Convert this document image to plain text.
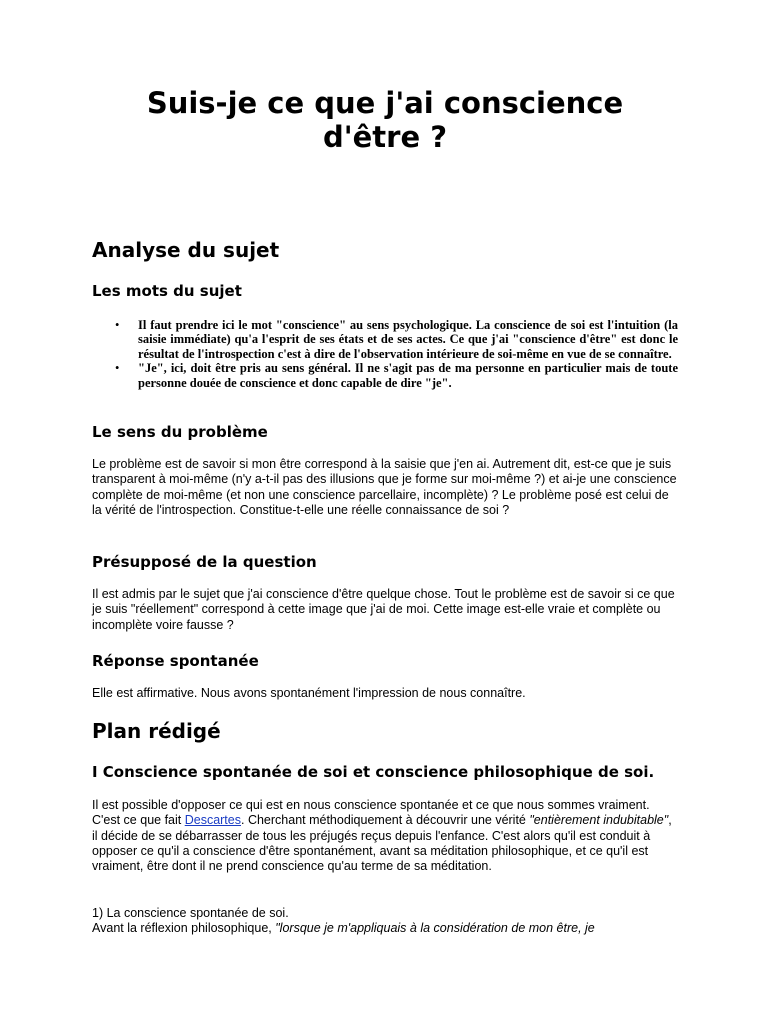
Suis-je ce que j'ai conscience
d'être ?
Analyse du sujet
Les mots du sujet
• Il faut prendre ici le mot "conscience" au sens psychologique. La conscience de soi est l'intuition (la saisie immédiate) qu'a l'esprit de ses états et de ses actes. Ce que j'ai "conscience d'être" est donc le résultat de l'introspection c'est à dire de l'observation intérieure de soi-même en vue de se connaître.
• "Je", ici, doit être pris au sens général. Il ne s'agit pas de ma personne en particulier mais de toute personne douée de conscience et donc capable de dire "je".
Le sens du problème

Le problème est de savoir si mon être correspond à la saisie que j'en ai. Autrement dit, est-ce que je suis transparent à moi-même (n'y a-t-il pas des illusions que je forme sur moi-même ?) et ai-je une conscience complète de moi-même (et non une conscience parcellaire, incomplète) ? Le problème posé est celui de la vérité de l'introspection. Constitue-t-elle une réelle connaissance de soi ?

Présupposé de la question

Il est admis par le sujet que j'ai conscience d'être quelque chose. Tout le problème est de savoir si ce que je suis "réellement" correspond à cette image que j'ai de moi. Cette image est-elle vraie et complète ou incomplète voire fausse ?

Réponse spontanée

Elle est affirmative. Nous avons spontanément l'impression de nous connaître.

Plan rédigé
I Conscience spontanée de soi et conscience philosophique de soi.
Il est possible d'opposer ce qui est en nous conscience spontanée et ce que nous sommes vraiment. C'est ce que fait Descartes. Cherchant méthodiquement à découvrir une vérité "entièrement indubitable", il décide de se débarrasser de tous les préjugés reçus depuis l'enfance. C'est alors qu'il est conduit à opposer ce qu'il a conscience d'être spontanément, avant sa méditation philosophique, et ce qu'il est vraiment, être dont il ne prend conscience qu'au terme de sa méditation.
1) La conscience spontanée de soi.
Avant la réflexion philosophique, "lorsque je m'appliquais à la considération de mon être, je
